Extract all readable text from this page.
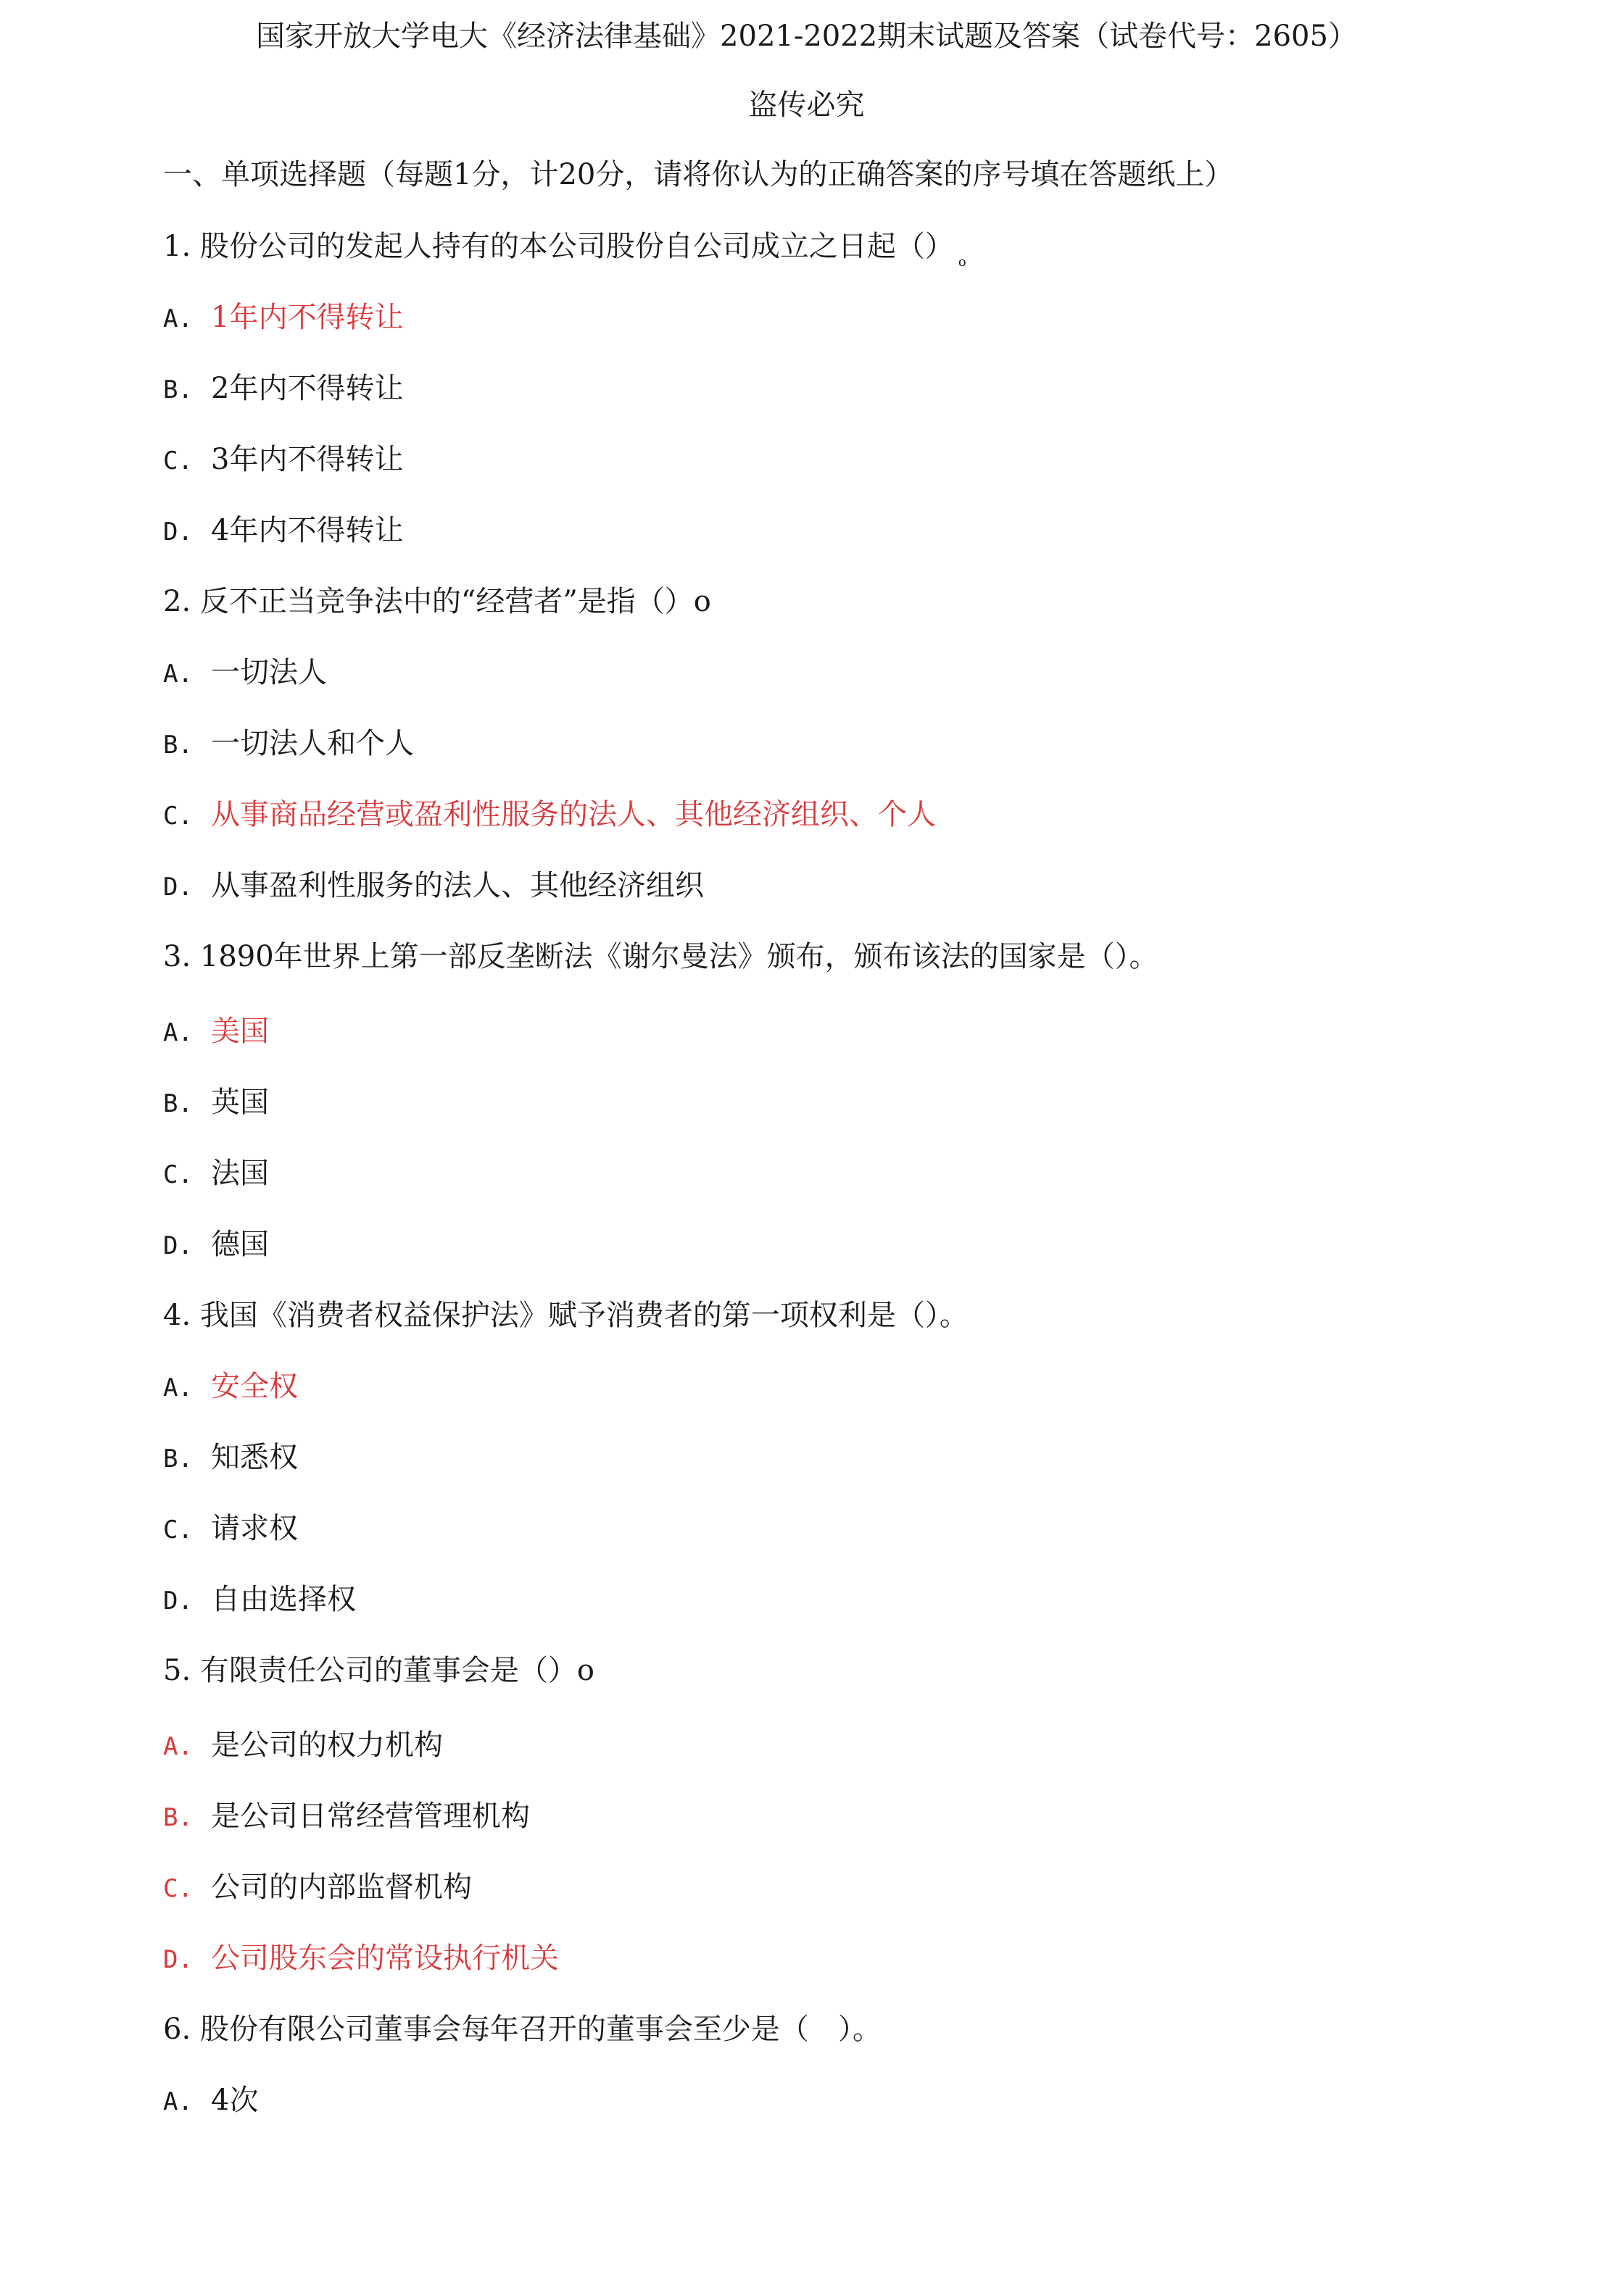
国家开放大学电大《经济法律基础》2021-2022期末试题及答案（试卷代号：2605）
盗传必究
一、单项选择题（每题1分，计20分，请将你认为的正确答案的序号填在答题纸上）
1. 股份公司的发起人持有的本公司股份自公司成立之日起（） $_o$
A. 1年内不得转让
B. 2年内不得转让
C. 3年内不得转让
D. 4年内不得转让
2. 反不正当竞争法中的“经营者”是指（）o
A. 一切法人
B. 一切法人和个人
C. 从事商品经营或盈利性服务的法人、其他经济组织、个人
D. 从事盈利性服务的法人、其他经济组织
3. 1890年世界上第一部反垄断法《谢尔曼法》颁布，颁布该法的国家是（）。
A. 美国
B. 英国
C. 法国
D. 德国
4. 我国《消费者权益保护法》赋予消费者的第一项权利是（）。
A. 安全权
B. 知悉权
C. 请求权
D. 自由选择权
5. 有限责任公司的董事会是（）o
A. 是公司的权力机构
B. 是公司日常经营管理机构
C. 公司的内部监督机构
D. 公司股东会的常设执行机关
6. 股份有限公司董事会每年召开的董事会至少是（　）。
A. 4次
